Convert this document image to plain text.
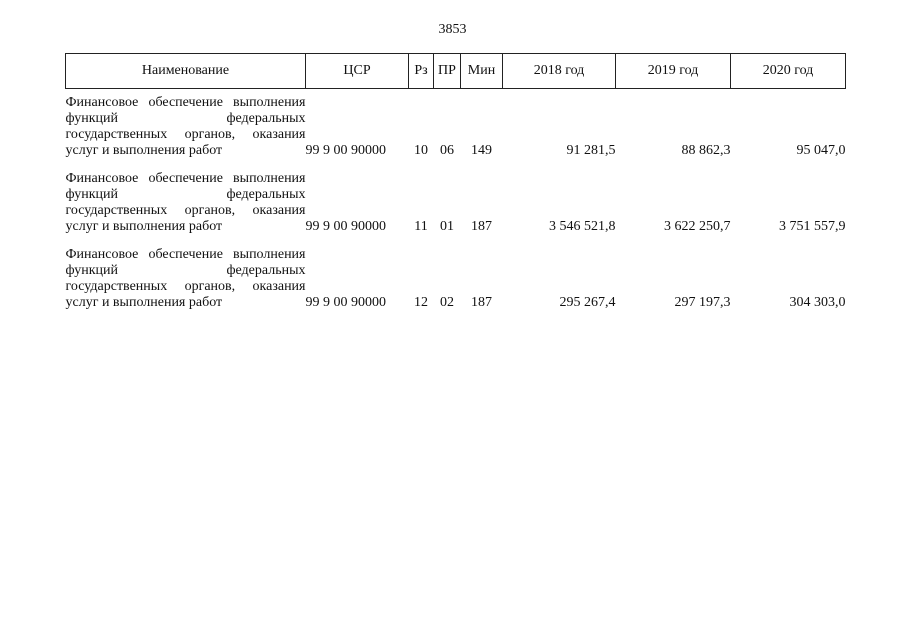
3853
Наименование	ЦСР	Рз	ПР	Мин	2018 год	2019 год	2020 год
Финансовое обеспечение выполнения функций федеральных государственных органов, оказания услуг и выполнения работ	99 9 00 90000	10	06	149	91 281,5	88 862,3	95 047,0
Финансовое обеспечение выполнения функций федеральных государственных органов, оказания услуг и выполнения работ	99 9 00 90000	11	01	187	3 546 521,8	3 622 250,7	3 751 557,9
Финансовое обеспечение выполнения функций федеральных государственных органов, оказания услуг и выполнения работ	99 9 00 90000	12	02	187	295 267,4	297 197,3	304 303,0
